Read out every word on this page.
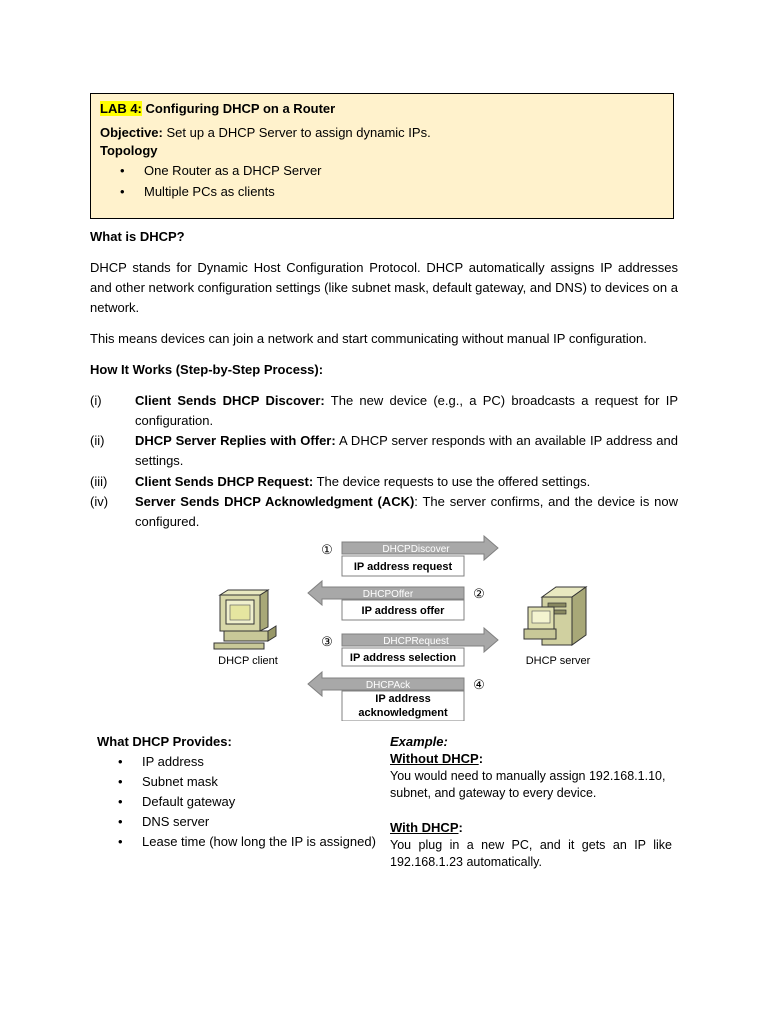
LAB 4: Configuring DHCP on a Router
Objective: Set up a DHCP Server to assign dynamic IPs.
Topology
• One Router as a DHCP Server
• Multiple PCs as clients
What is DHCP?
DHCP stands for Dynamic Host Configuration Protocol. DHCP automatically assigns IP addresses and other network configuration settings (like subnet mask, default gateway, and DNS) to devices on a network.
This means devices can join a network and start communicating without manual IP configuration.
How It Works (Step-by-Step Process):
(i)	Client Sends DHCP Discover: The new device (e.g., a PC) broadcasts a request for IP configuration.
(ii) DHCP Server Replies with Offer: A DHCP server responds with an available IP address and settings.
(iii) Client Sends DHCP Request: The device requests to use the offered settings.
(iv) Server Sends DHCP Acknowledgment (ACK): The server confirms, and the device is now configured.
DHCP client	DHCP server
DHCPDiscover
IP address request
①
DHCPOffer
IP address offer
②
DHCPRequest
IP address selection
③
DHCPAck
IP address
acknowledgment
④
What DHCP Provides:
• IP address
• Subnet mask
• Default gateway
• DNS server
• Lease time (how long the IP is assigned)
Example:
Without DHCP:
You would need to manually assign 192.168.1.10, subnet, and gateway to every device.
With DHCP:
You plug in a new PC, and it gets an IP like 192.168.1.23 automatically.
